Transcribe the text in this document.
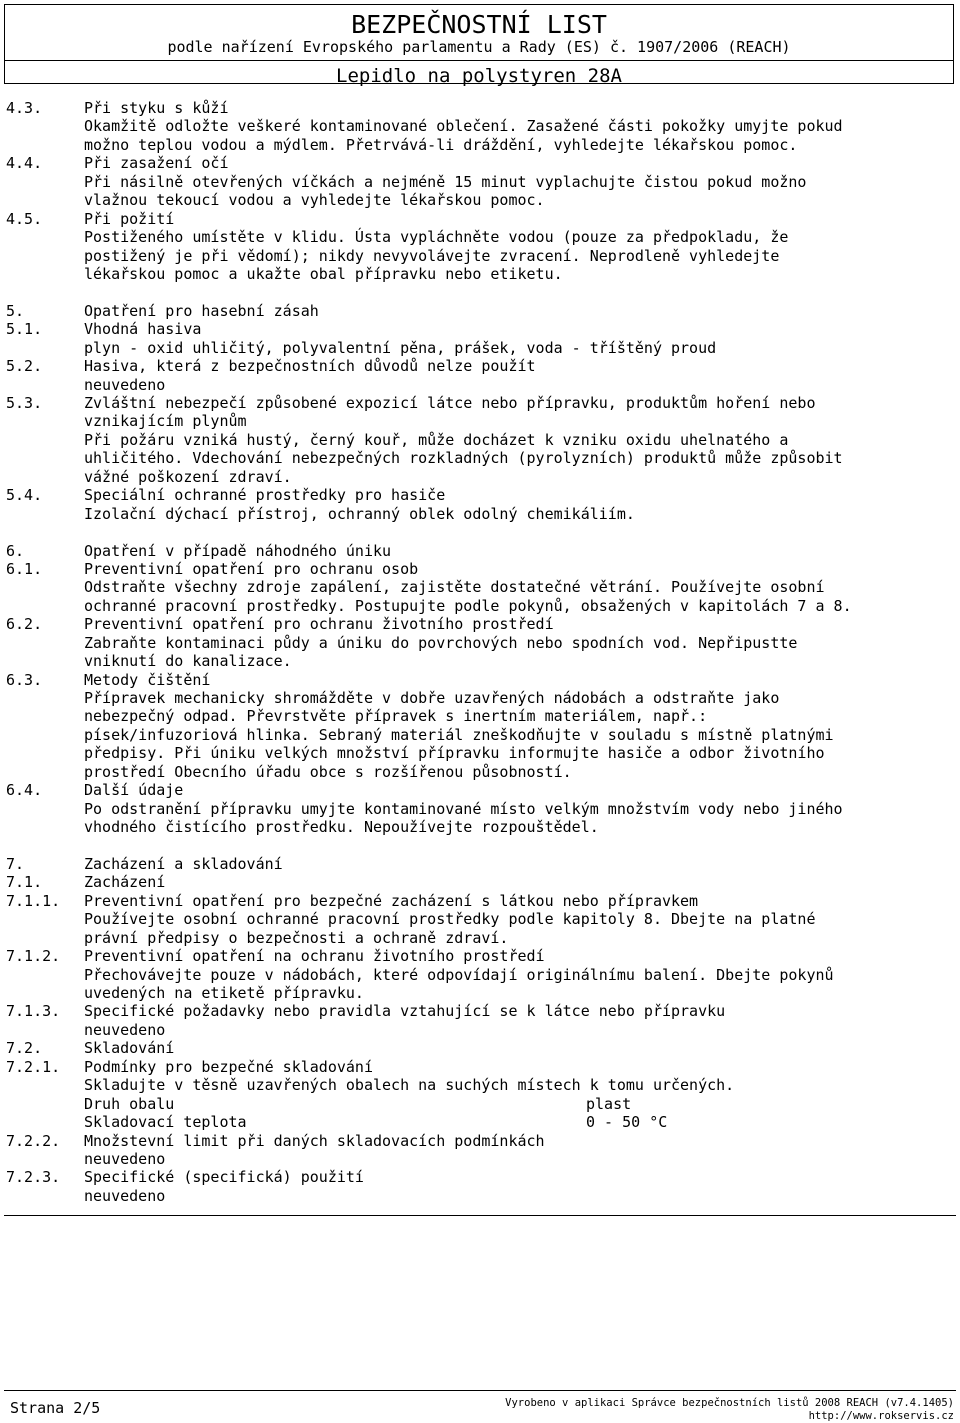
BEZPEČNOSTNÍ LIST
podle nařízení Evropského parlamentu a Rady (ES) č. 1907/2006 (REACH)
Lepidlo na polystyren 28A
4.3.	Při styku s kůží
Okamžitě odložte veškeré kontaminované oblečení. Zasažené části pokožky umyjte pokud
možno teplou vodou a mýdlem. Přetrvává-li dráždění, vyhledejte lékařskou pomoc.
4.4.	Při zasažení očí
Při násilně otevřených víčkách a nejméně 15 minut vyplachujte čistou pokud možno
vlažnou tekoucí vodou a vyhledejte lékařskou pomoc.
4.5.	Při požití
Postiženého umístěte v klidu. Ústa vypláchněte vodou (pouze za předpokladu, že
postižený je při vědomí); nikdy nevyvolávejte zvracení. Neprodleně vyhledejte
lékařskou pomoc a ukažte obal přípravku nebo etiketu.
5.	Opatření pro hasební zásah
5.1.	Vhodná hasiva
plyn - oxid uhličitý, polyvalentní pěna, prášek, voda - tříštěný proud
5.2.	Hasiva, která z bezpečnostních důvodů nelze použít
neuvedeno
5.3.	Zvláštní nebezpečí způsobené expozicí látce nebo přípravku, produktům hoření nebo
vznikajícím plynům
Při požáru vzniká hustý, černý kouř, může docházet k vzniku oxidu uhelnatého a
uhličitého. Vdechování nebezpečných rozkladných (pyrolyzních) produktů může způsobit
vážné poškození zdraví.
5.4.	Speciální ochranné prostředky pro hasiče
Izolační dýchací přístroj, ochranný oblek odolný chemikáliím.
6.	Opatření v případě náhodného úniku
6.1.	Preventivní opatření pro ochranu osob
Odstraňte všechny zdroje zapálení, zajistěte dostatečné větrání. Používejte osobní
ochranné pracovní prostředky. Postupujte podle pokynů, obsažených v kapitolách 7 a 8.
6.2.	Preventivní opatření pro ochranu životního prostředí
Zabraňte kontaminaci půdy a úniku do povrchových nebo spodních vod. Nepřipustte
vniknutí do kanalizace.
6.3.	Metody čištění
Přípravek mechanicky shromážděte v dobře uzavřených nádobách a odstraňte jako
nebezpečný odpad. Převrstvěte přípravek s inertním materiálem, např.:
písek/infuzoriová hlinka. Sebraný materiál zneškodňujte v souladu s místně platnými
předpisy. Při úniku velkých množství přípravku informujte hasiče a odbor životního
prostředí Obecního úřadu obce s rozšířenou působností.
6.4.	Další údaje
Po odstranění přípravku umyjte kontaminované místo velkým množstvím vody nebo jiného
vhodného čistícího prostředku. Nepoužívejte rozpouštědel.
7.	Zacházení a skladování
7.1.	Zacházení
7.1.1. Preventivní opatření pro bezpečné zacházení s látkou nebo přípravkem
Používejte osobní ochranné pracovní prostředky podle kapitoly 8. Dbejte na platné
právní předpisy o bezpečnosti a ochraně zdraví.
7.1.2. Preventivní opatření na ochranu životního prostředí
Přechovávejte pouze v nádobách, které odpovídají originálnímu balení. Dbejte pokynů
uvedených na etiketě přípravku.
7.1.3. Specifické požadavky nebo pravidla vztahující se k látce nebo přípravku
neuvedeno
7.2.	Skladování
7.2.1. Podmínky pro bezpečné skladování
Skladujte v těsně uzavřených obalech na suchých místech k tomu určených.
Druh obalu	plast
Skladovací teplota	0 - 50 °C
7.2.2. Množstevní limit při daných skladovacích podmínkách
neuvedeno
7.2.3. Specifické (specifická) použití
neuvedeno
Strana 2/5	Vyrobeno v aplikaci Správce bezpečnostních listů 2008 REACH (v7.4.1405)
http://www.rokservis.cz
